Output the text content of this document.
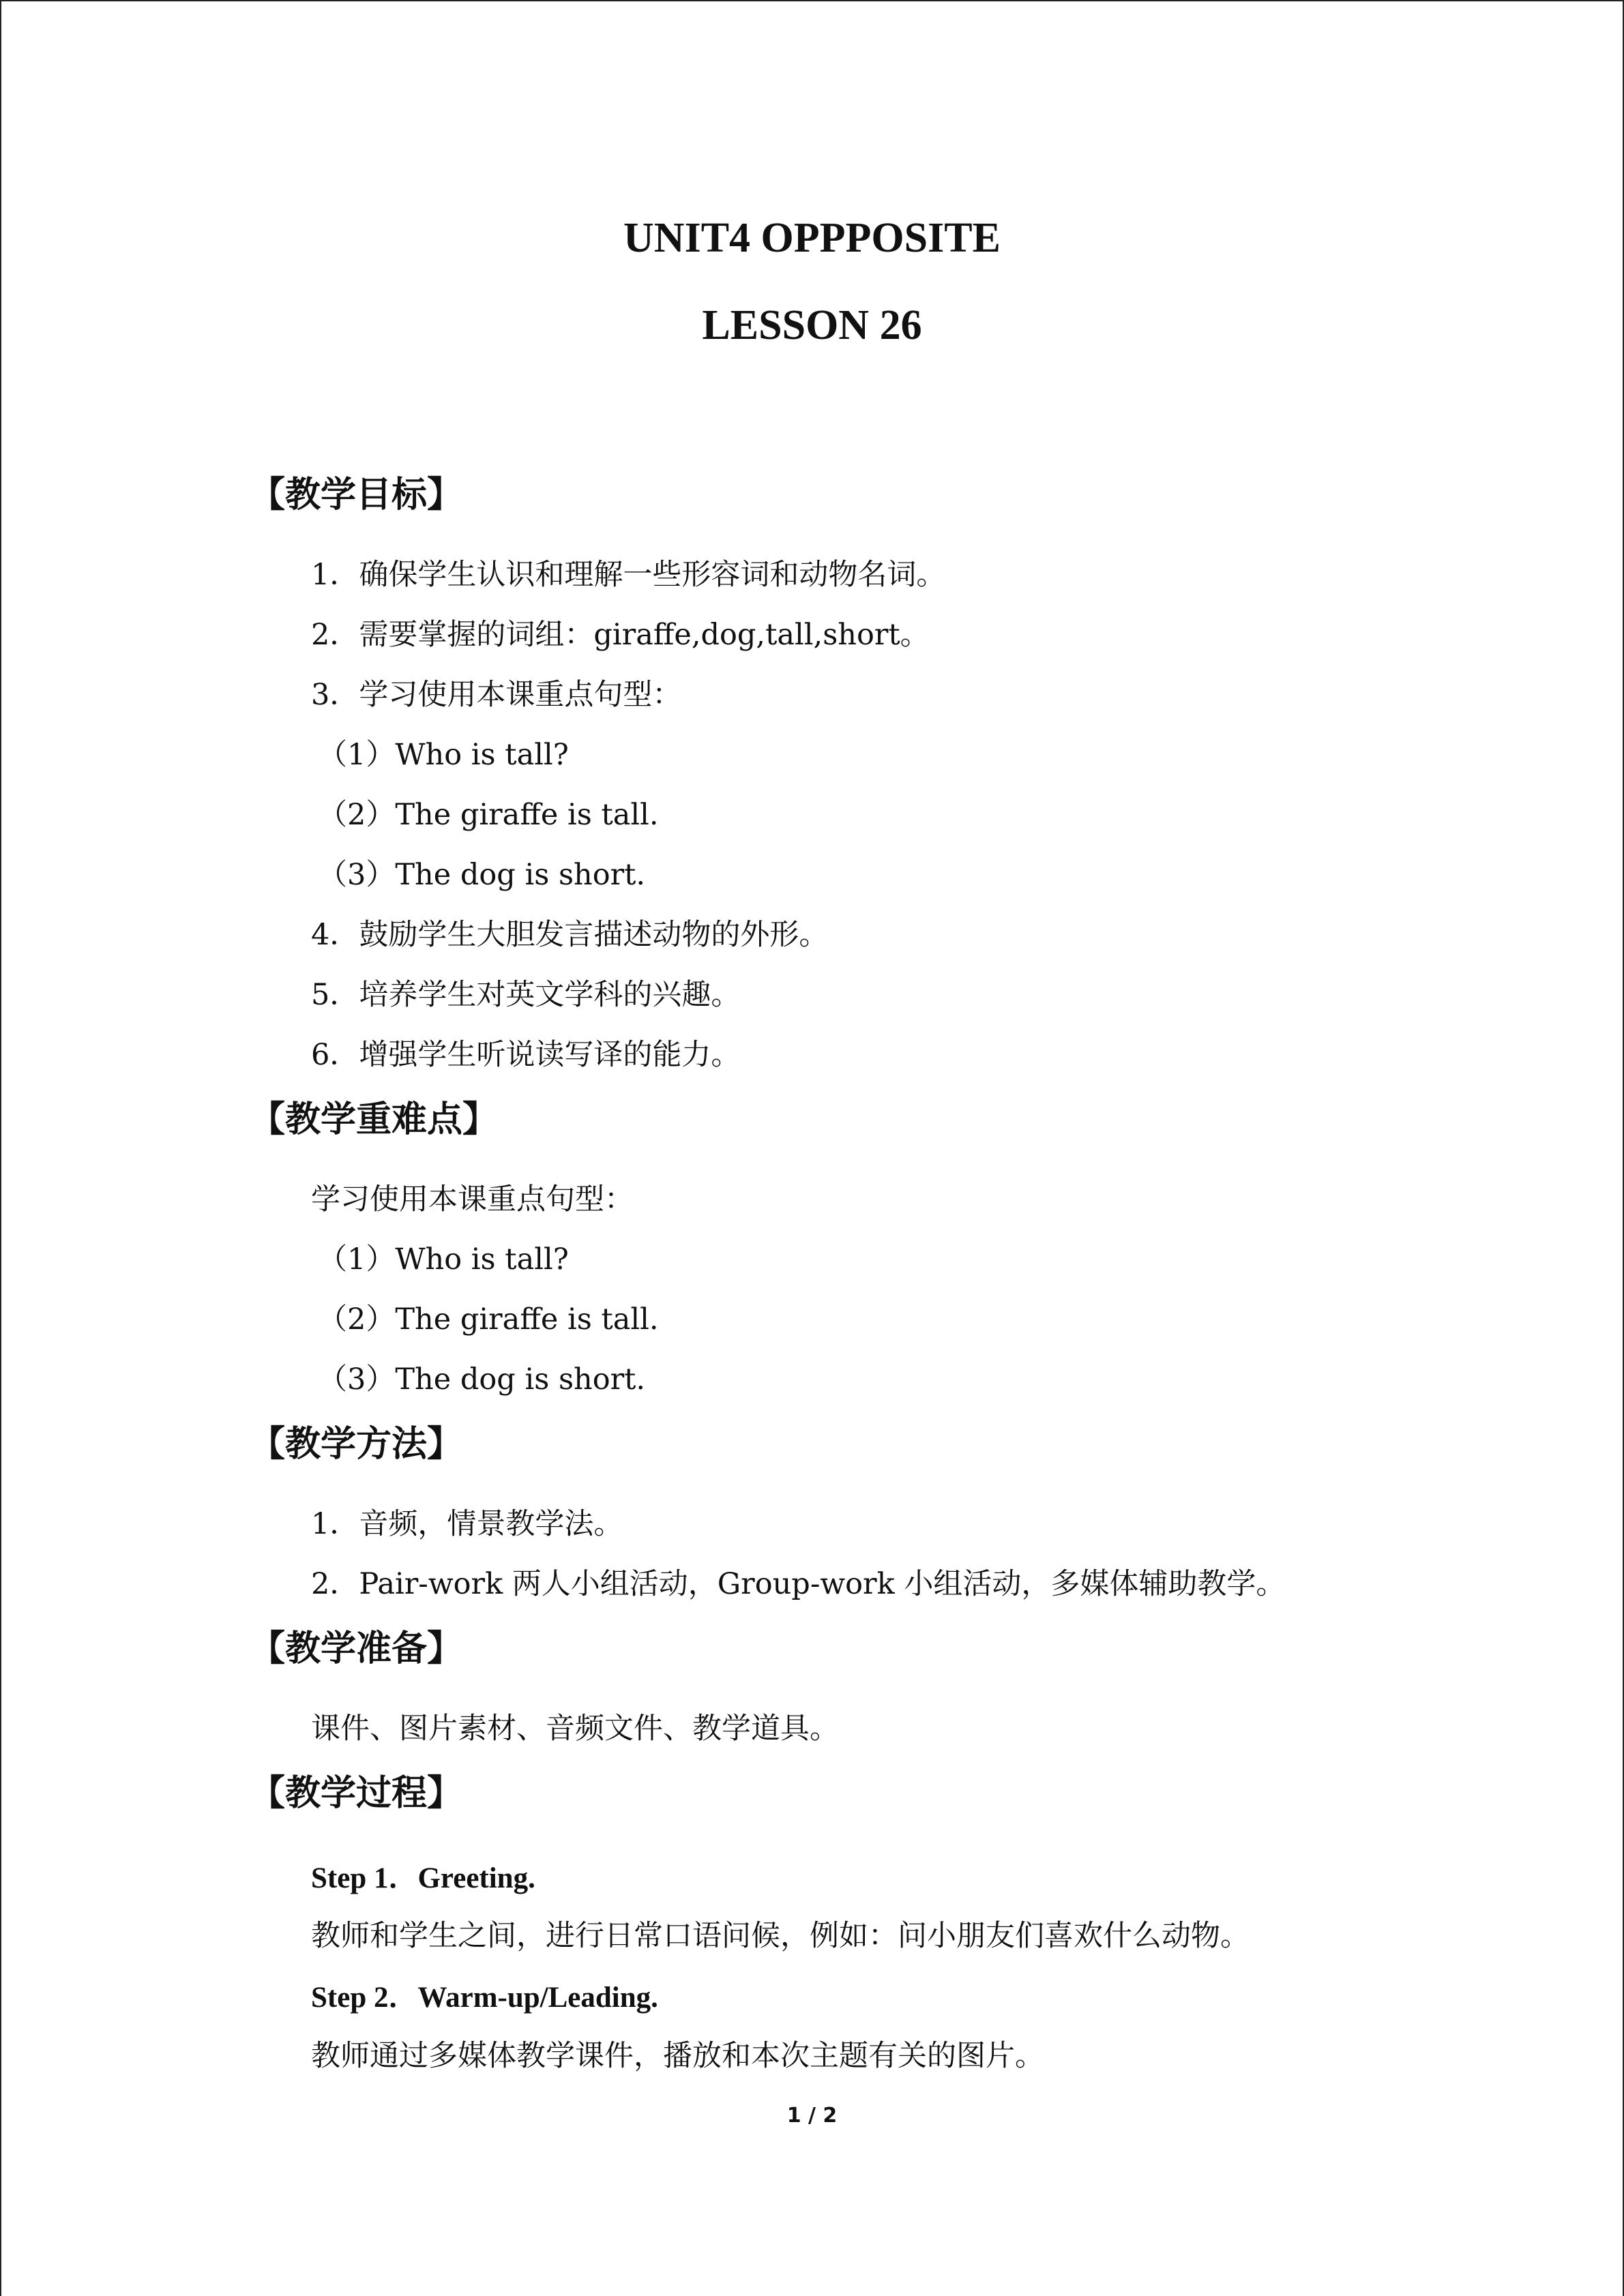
UNIT4 OPPPOSITE
LESSON 26
【教学目标】
1．确保学生认识和理解一些形容词和动物名词。
2．需要掌握的词组：giraffe,dog,tall,short。
3．学习使用本课重点句型：
（1）Who is tall?
（2）The giraffe is tall.
（3）The dog is short.
4．鼓励学生大胆发言描述动物的外形。
5．培养学生对英文学科的兴趣。
6．增强学生听说读写译的能力。
【教学重难点】
学习使用本课重点句型：
（1）Who is tall?
（2）The giraffe is tall.
（3）The dog is short.
【教学方法】
1．音频，情景教学法。
2．Pair-work 两人小组活动，Group-work 小组活动，多媒体辅助教学。
【教学准备】
课件、图片素材、音频文件、教学道具。
【教学过程】
Step 1．Greeting.
教师和学生之间，进行日常口语问候，例如：问小朋友们喜欢什么动物。
Step 2．Warm-up/Leading.
教师通过多媒体教学课件，播放和本次主题有关的图片。
1 / 2
